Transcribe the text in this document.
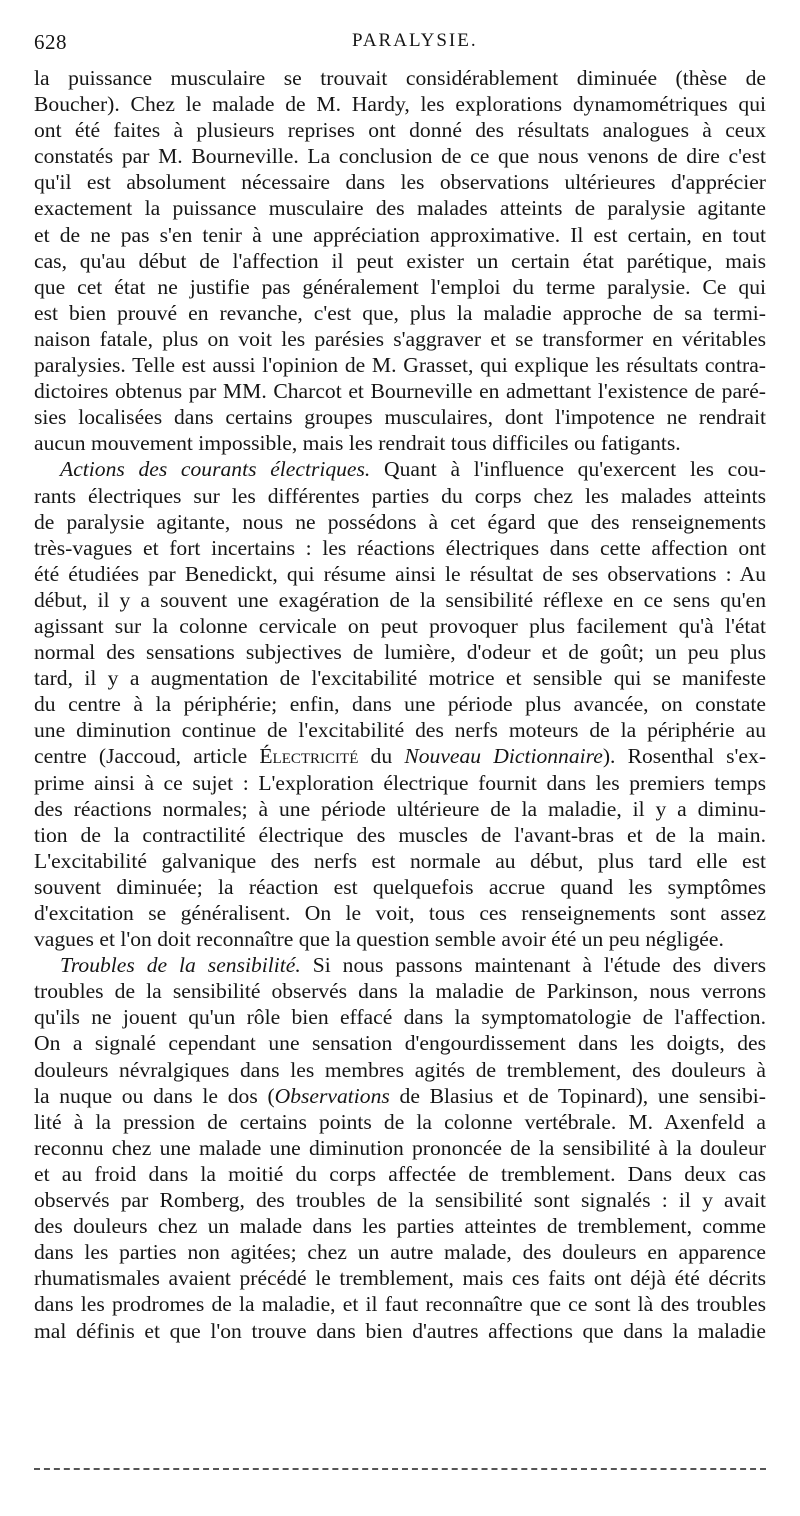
628	PARALYSIE.
la puissance musculaire se trouvait considérablement diminuée (thèse de
Boucher). Chez le malade de M. Hardy, les explorations dynamométriques qui
ont été faites à plusieurs reprises ont donné des résultats analogues à ceux
constatés par M. Bourneville. La conclusion de ce que nous venons de dire c'est
qu'il est absolument nécessaire dans les observations ultérieures d'apprécier
exactement la puissance musculaire des malades atteints de paralysie agitante
et de ne pas s'en tenir à une appréciation approximative. Il est certain, en tout
cas, qu'au début de l'affection il peut exister un certain état parétique, mais
que cet état ne justifie pas généralement l'emploi du terme paralysie. Ce qui
est bien prouvé en revanche, c'est que, plus la maladie approche de sa termi-
naison fatale, plus on voit les parésies s'aggraver et se transformer en véritables
paralysies. Telle est aussi l'opinion de M. Grasset, qui explique les résultats contra-
dictoires obtenus par MM. Charcot et Bourneville en admettant l'existence de paré-
sies localisées dans certains groupes musculaires, dont l'impotence ne rendrait
aucun mouvement impossible, mais les rendrait tous difficiles ou fatigants.
Actions des courants électriques. Quant à l'influence qu'exercent les cou-
rants électriques sur les différentes parties du corps chez les malades atteints
de paralysie agitante, nous ne possédons à cet égard que des renseignements
très-vagues et fort incertains : les réactions électriques dans cette affection ont
été étudiées par Benedickt, qui résume ainsi le résultat de ses observations : Au
début, il y a souvent une exagération de la sensibilité réflexe en ce sens qu'en
agissant sur la colonne cervicale on peut provoquer plus facilement qu'à l'état
normal des sensations subjectives de lumière, d'odeur et de goût; un peu plus
tard, il y a augmentation de l'excitabilité motrice et sensible qui se manifeste
du centre à la périphérie; enfin, dans une période plus avancée, on constate
une diminution continue de l'excitabilité des nerfs moteurs de la périphérie au
centre (Jaccoud, article Électricité du Nouveau Dictionnaire). Rosenthal s'ex-
prime ainsi à ce sujet : L'exploration électrique fournit dans les premiers temps
des réactions normales; à une période ultérieure de la maladie, il y a diminu-
tion de la contractilité électrique des muscles de l'avant-bras et de la main.
L'excitabilité galvanique des nerfs est normale au début, plus tard elle est
souvent diminuée; la réaction est quelquefois accrue quand les symptômes
d'excitation se généralisent. On le voit, tous ces renseignements sont assez
vagues et l'on doit reconnaître que la question semble avoir été un peu négligée.
Troubles de la sensibilité. Si nous passons maintenant à l'étude des divers
troubles de la sensibilité observés dans la maladie de Parkinson, nous verrons
qu'ils ne jouent qu'un rôle bien effacé dans la symptomatologie de l'affection.
On a signalé cependant une sensation d'engourdissement dans les doigts, des
douleurs névralgiques dans les membres agités de tremblement, des douleurs à
la nuque ou dans le dos (Observations de Blasius et de Topinard), une sensibi-
lité à la pression de certains points de la colonne vertébrale. M. Axenfeld a
reconnu chez une malade une diminution prononcée de la sensibilité à la douleur
et au froid dans la moitié du corps affectée de tremblement. Dans deux cas
observés par Romberg, des troubles de la sensibilité sont signalés : il y avait
des douleurs chez un malade dans les parties atteintes de tremblement, comme
dans les parties non agitées; chez un autre malade, des douleurs en apparence
rhumatismales avaient précédé le tremblement, mais ces faits ont déjà été décrits
dans les prodromes de la maladie, et il faut reconnaître que ce sont là des troubles
mal définis et que l'on trouve dans bien d'autres affections que dans la maladie
